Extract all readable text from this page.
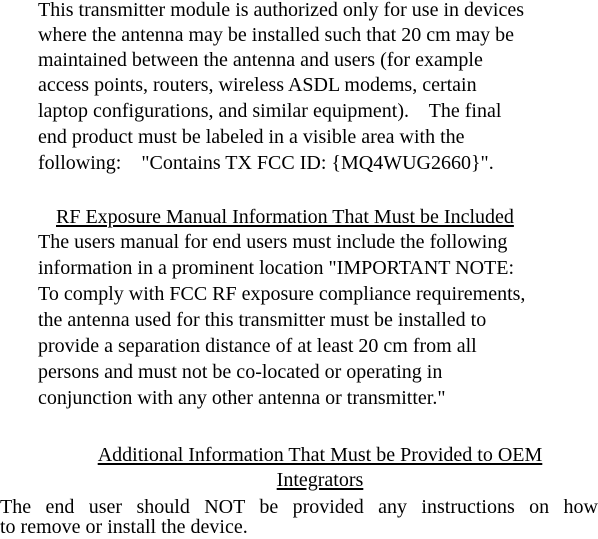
This transmitter module is authorized only for use in devices
where the antenna may be installed such that 20 cm may be
maintained between the antenna and users (for example
access points, routers, wireless ASDL modems, certain
laptop configurations, and similar equipment).    The final
end product must be labeled in a visible area with the
following:    "Contains TX FCC ID: {MQ4WUG2660}".
RF Exposure Manual Information That Must be Included
The users manual for end users must include the following
information in a prominent location "IMPORTANT NOTE:
To comply with FCC RF exposure compliance requirements,
the antenna used for this transmitter must be installed to
provide a separation distance of at least 20 cm from all
persons and must not be co-located or operating in
conjunction with any other antenna or transmitter."
Additional Information That Must be Provided to OEM
Integrators
The end user should NOT be provided any instructions on how
to remove or install the device.
